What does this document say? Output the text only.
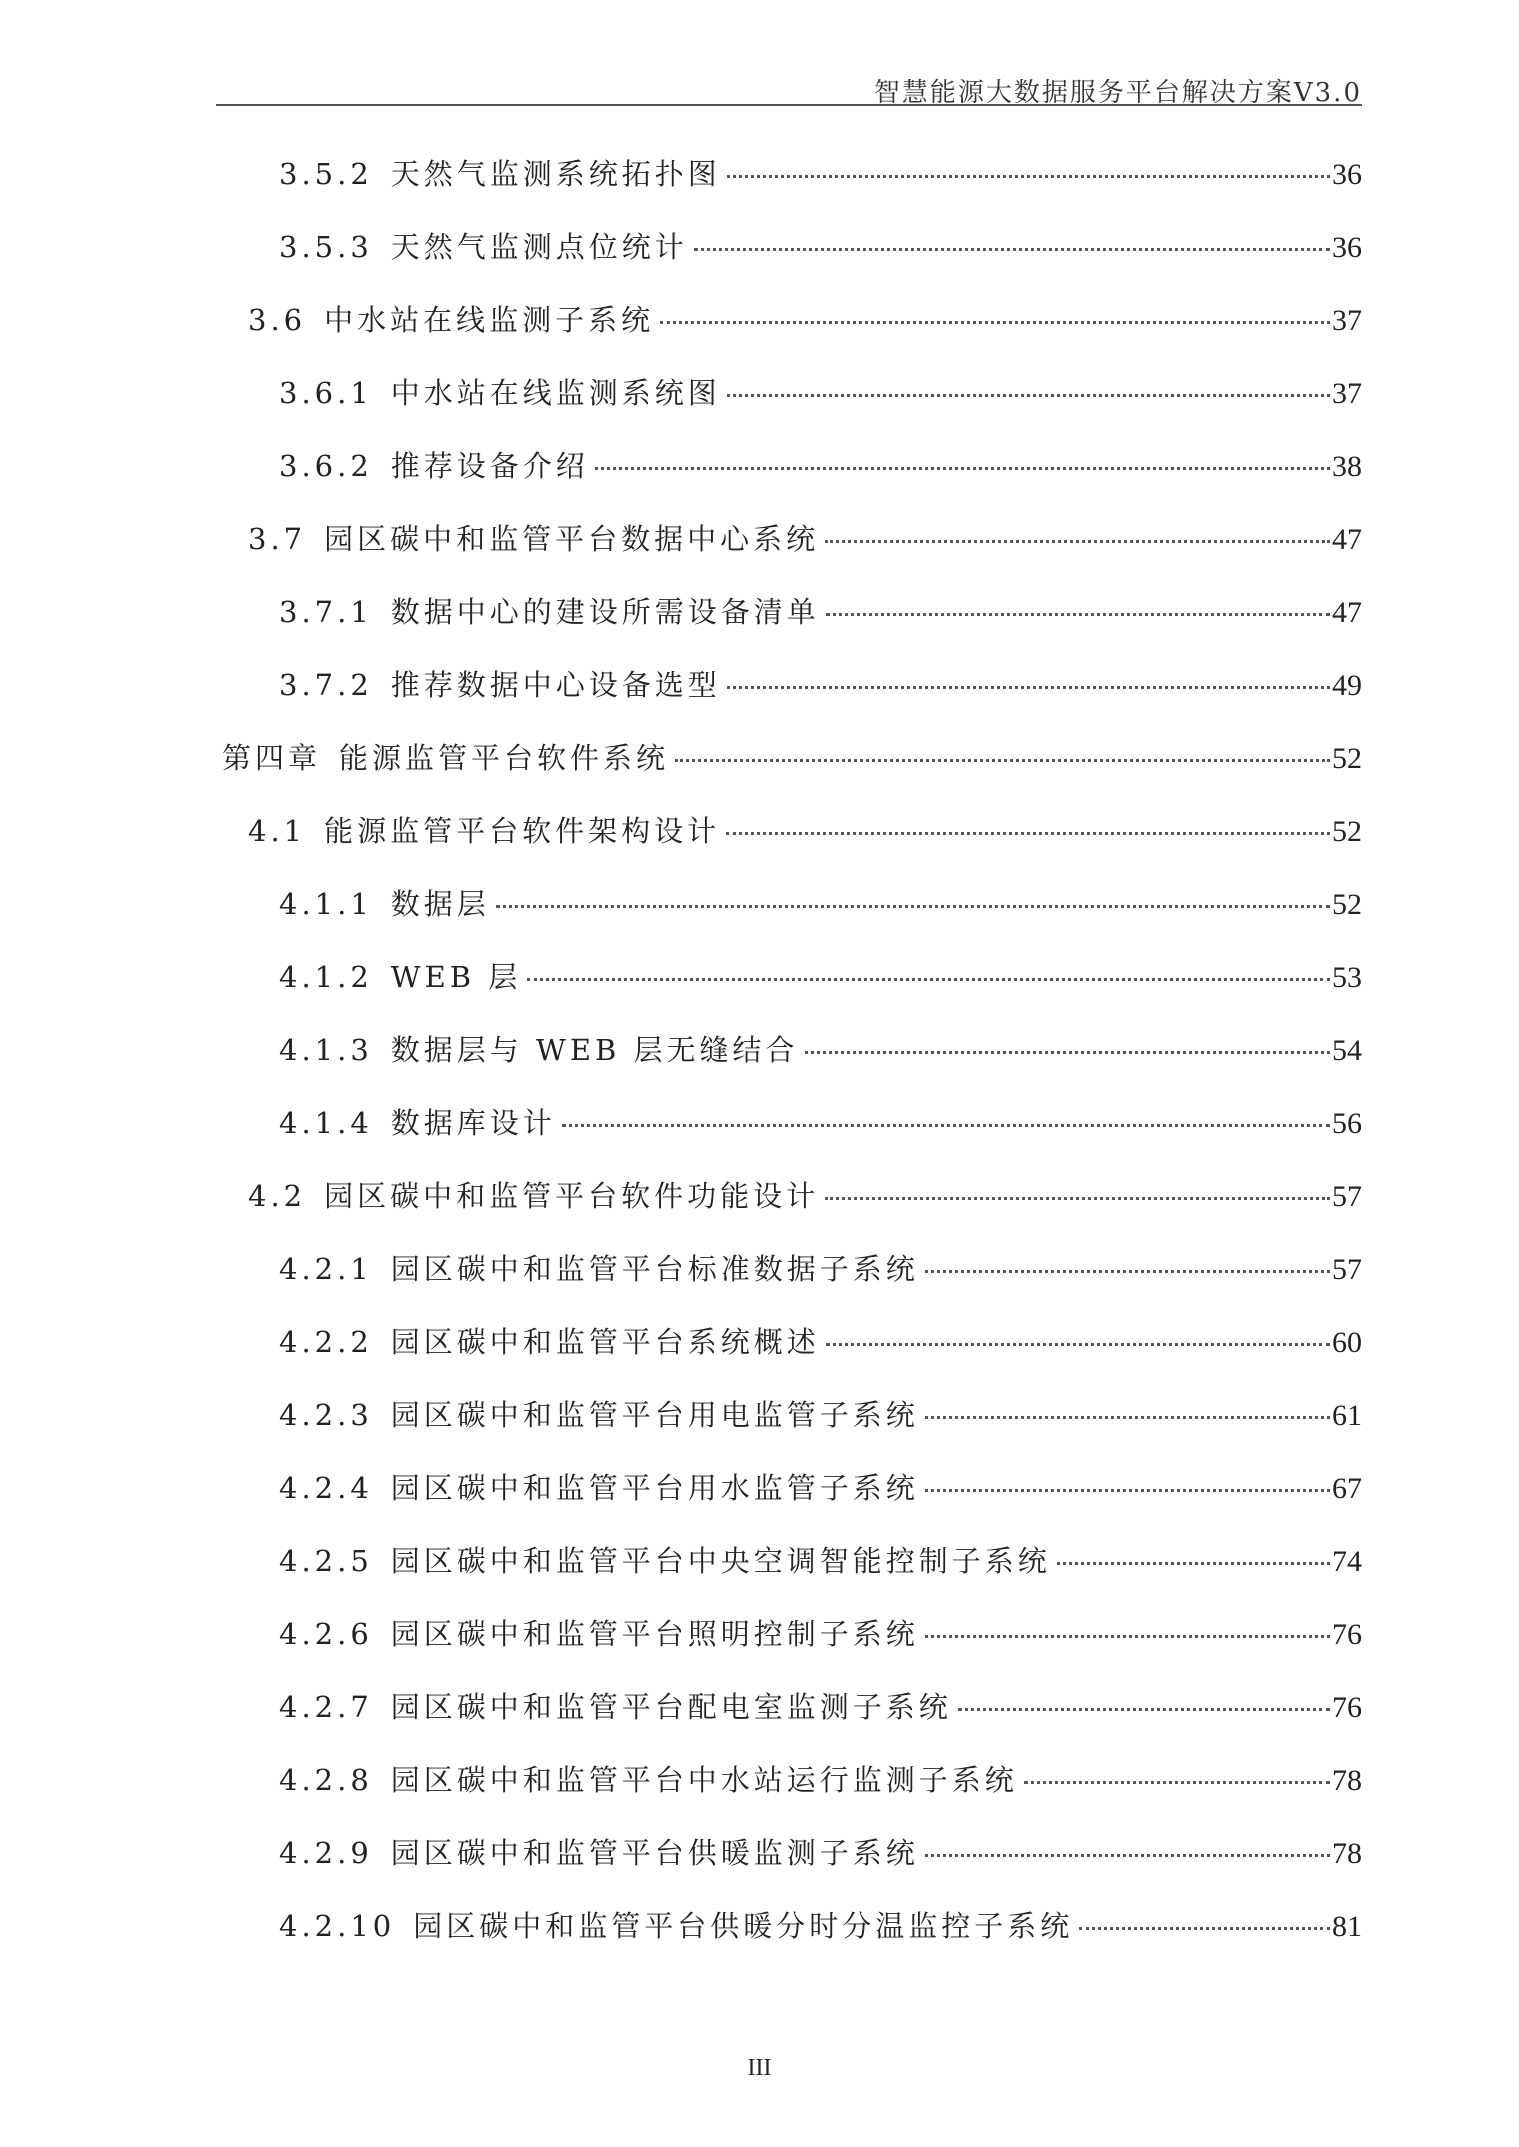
智慧能源大数据服务平台解决方案V3.0
3.5.2 天然气监测系统拓扑图	36
3.5.3 天然气监测点位统计	36
3.6 中水站在线监测子系统	37
3.6.1 中水站在线监测系统图	37
3.6.2 推荐设备介绍	38
3.7 园区碳中和监管平台数据中心系统	47
3.7.1 数据中心的建设所需设备清单	47
3.7.2 推荐数据中心设备选型	49
第四章 能源监管平台软件系统	52
4.1 能源监管平台软件架构设计	52
4.1.1 数据层	52
4.1.2 WEB 层	53
4.1.3 数据层与 WEB 层无缝结合	54
4.1.4 数据库设计	56
4.2 园区碳中和监管平台软件功能设计	57
4.2.1 园区碳中和监管平台标准数据子系统	57
4.2.2 园区碳中和监管平台系统概述	60
4.2.3 园区碳中和监管平台用电监管子系统	61
4.2.4 园区碳中和监管平台用水监管子系统	67
4.2.5 园区碳中和监管平台中央空调智能控制子系统	74
4.2.6 园区碳中和监管平台照明控制子系统	76
4.2.7 园区碳中和监管平台配电室监测子系统	76
4.2.8 园区碳中和监管平台中水站运行监测子系统	78
4.2.9 园区碳中和监管平台供暖监测子系统	78
4.2.10 园区碳中和监管平台供暖分时分温监控子系统	81
III
